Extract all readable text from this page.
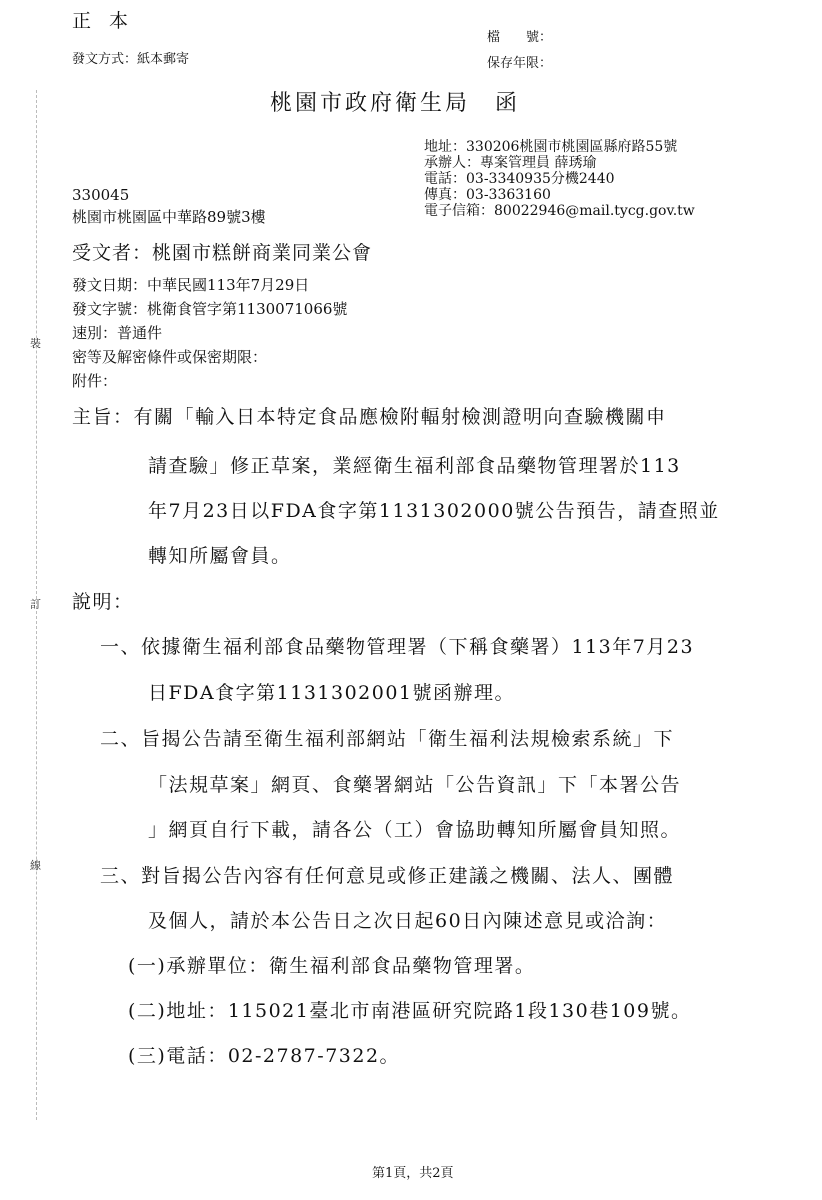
裝
訂
線
正 本
發文方式：紙本郵寄
檔　　號：
保存年限：
桃園市政府衛生局　函
地址：330206桃園市桃園區縣府路55號
承辦人：專案管理員 薛琇瑜
電話：03-3340935分機2440
傳真：03-3363160
電子信箱：80022946@mail.tycg.gov.tw
330045
桃園市桃園區中華路89號3樓
受文者：桃園市糕餅商業同業公會
發文日期：中華民國113年7月29日
發文字號：桃衛食管字第1130071066號
速別：普通件
密等及解密條件或保密期限：
附件：
主旨：有關「輸入日本特定食品應檢附輻射檢測證明向查驗機關申
請查驗」修正草案，業經衛生福利部食品藥物管理署於113
年7月23日以FDA食字第1131302000號公告預告，請查照並
轉知所屬會員。
說明：
一、依據衛生福利部食品藥物管理署（下稱食藥署）113年7月23
日FDA食字第1131302001號函辦理。
二、旨揭公告請至衛生福利部網站「衛生福利法規檢索系統」下
「法規草案」網頁、食藥署網站「公告資訊」下「本署公告
」網頁自行下載，請各公（工）會協助轉知所屬會員知照。
三、對旨揭公告內容有任何意見或修正建議之機關、法人、團體
及個人，請於本公告日之次日起60日內陳述意見或洽詢：
(一)承辦單位：衛生福利部食品藥物管理署。
(二)地址：115021臺北市南港區研究院路1段130巷109號。
(三)電話：02-2787-7322。
第1頁，共2頁
